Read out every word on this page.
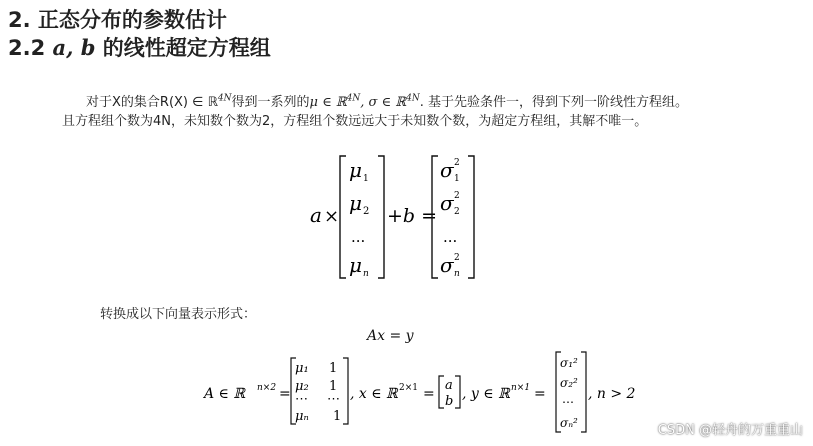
2. 正态分布的参数估计
2.2 a, b 的线性超定方程组
对于X的集合R(X) ∈ ℝ$^{4N}$得到一系列的μ ∈ ℝ$^{4N}$, σ ∈ ℝ$^{4N}$. 基于先验条件一，得到下列一阶线性方程组。
且方程组个数为4N，未知数个数为2，方程组个数远远大于未知数个数，为超定方程组，其解不唯一。
a ×
μ 1
μ 2
...
μ n
+b =
σ 2
1
σ 2
2
...
σ 2
n
转换成以下向量表示形式：
Ax = y
A ∈ ℝ n×2 =
μ₁ 1
μ₂ 1
⋯ ⋯
μₙ 1
, x ∈ ℝ 2×1 =
a
b , y ∈ ℝ n×1 =
σ₁²
σ₂²
⋯
σₙ²
, n > 2
CSDN @轻舟的万重重山
